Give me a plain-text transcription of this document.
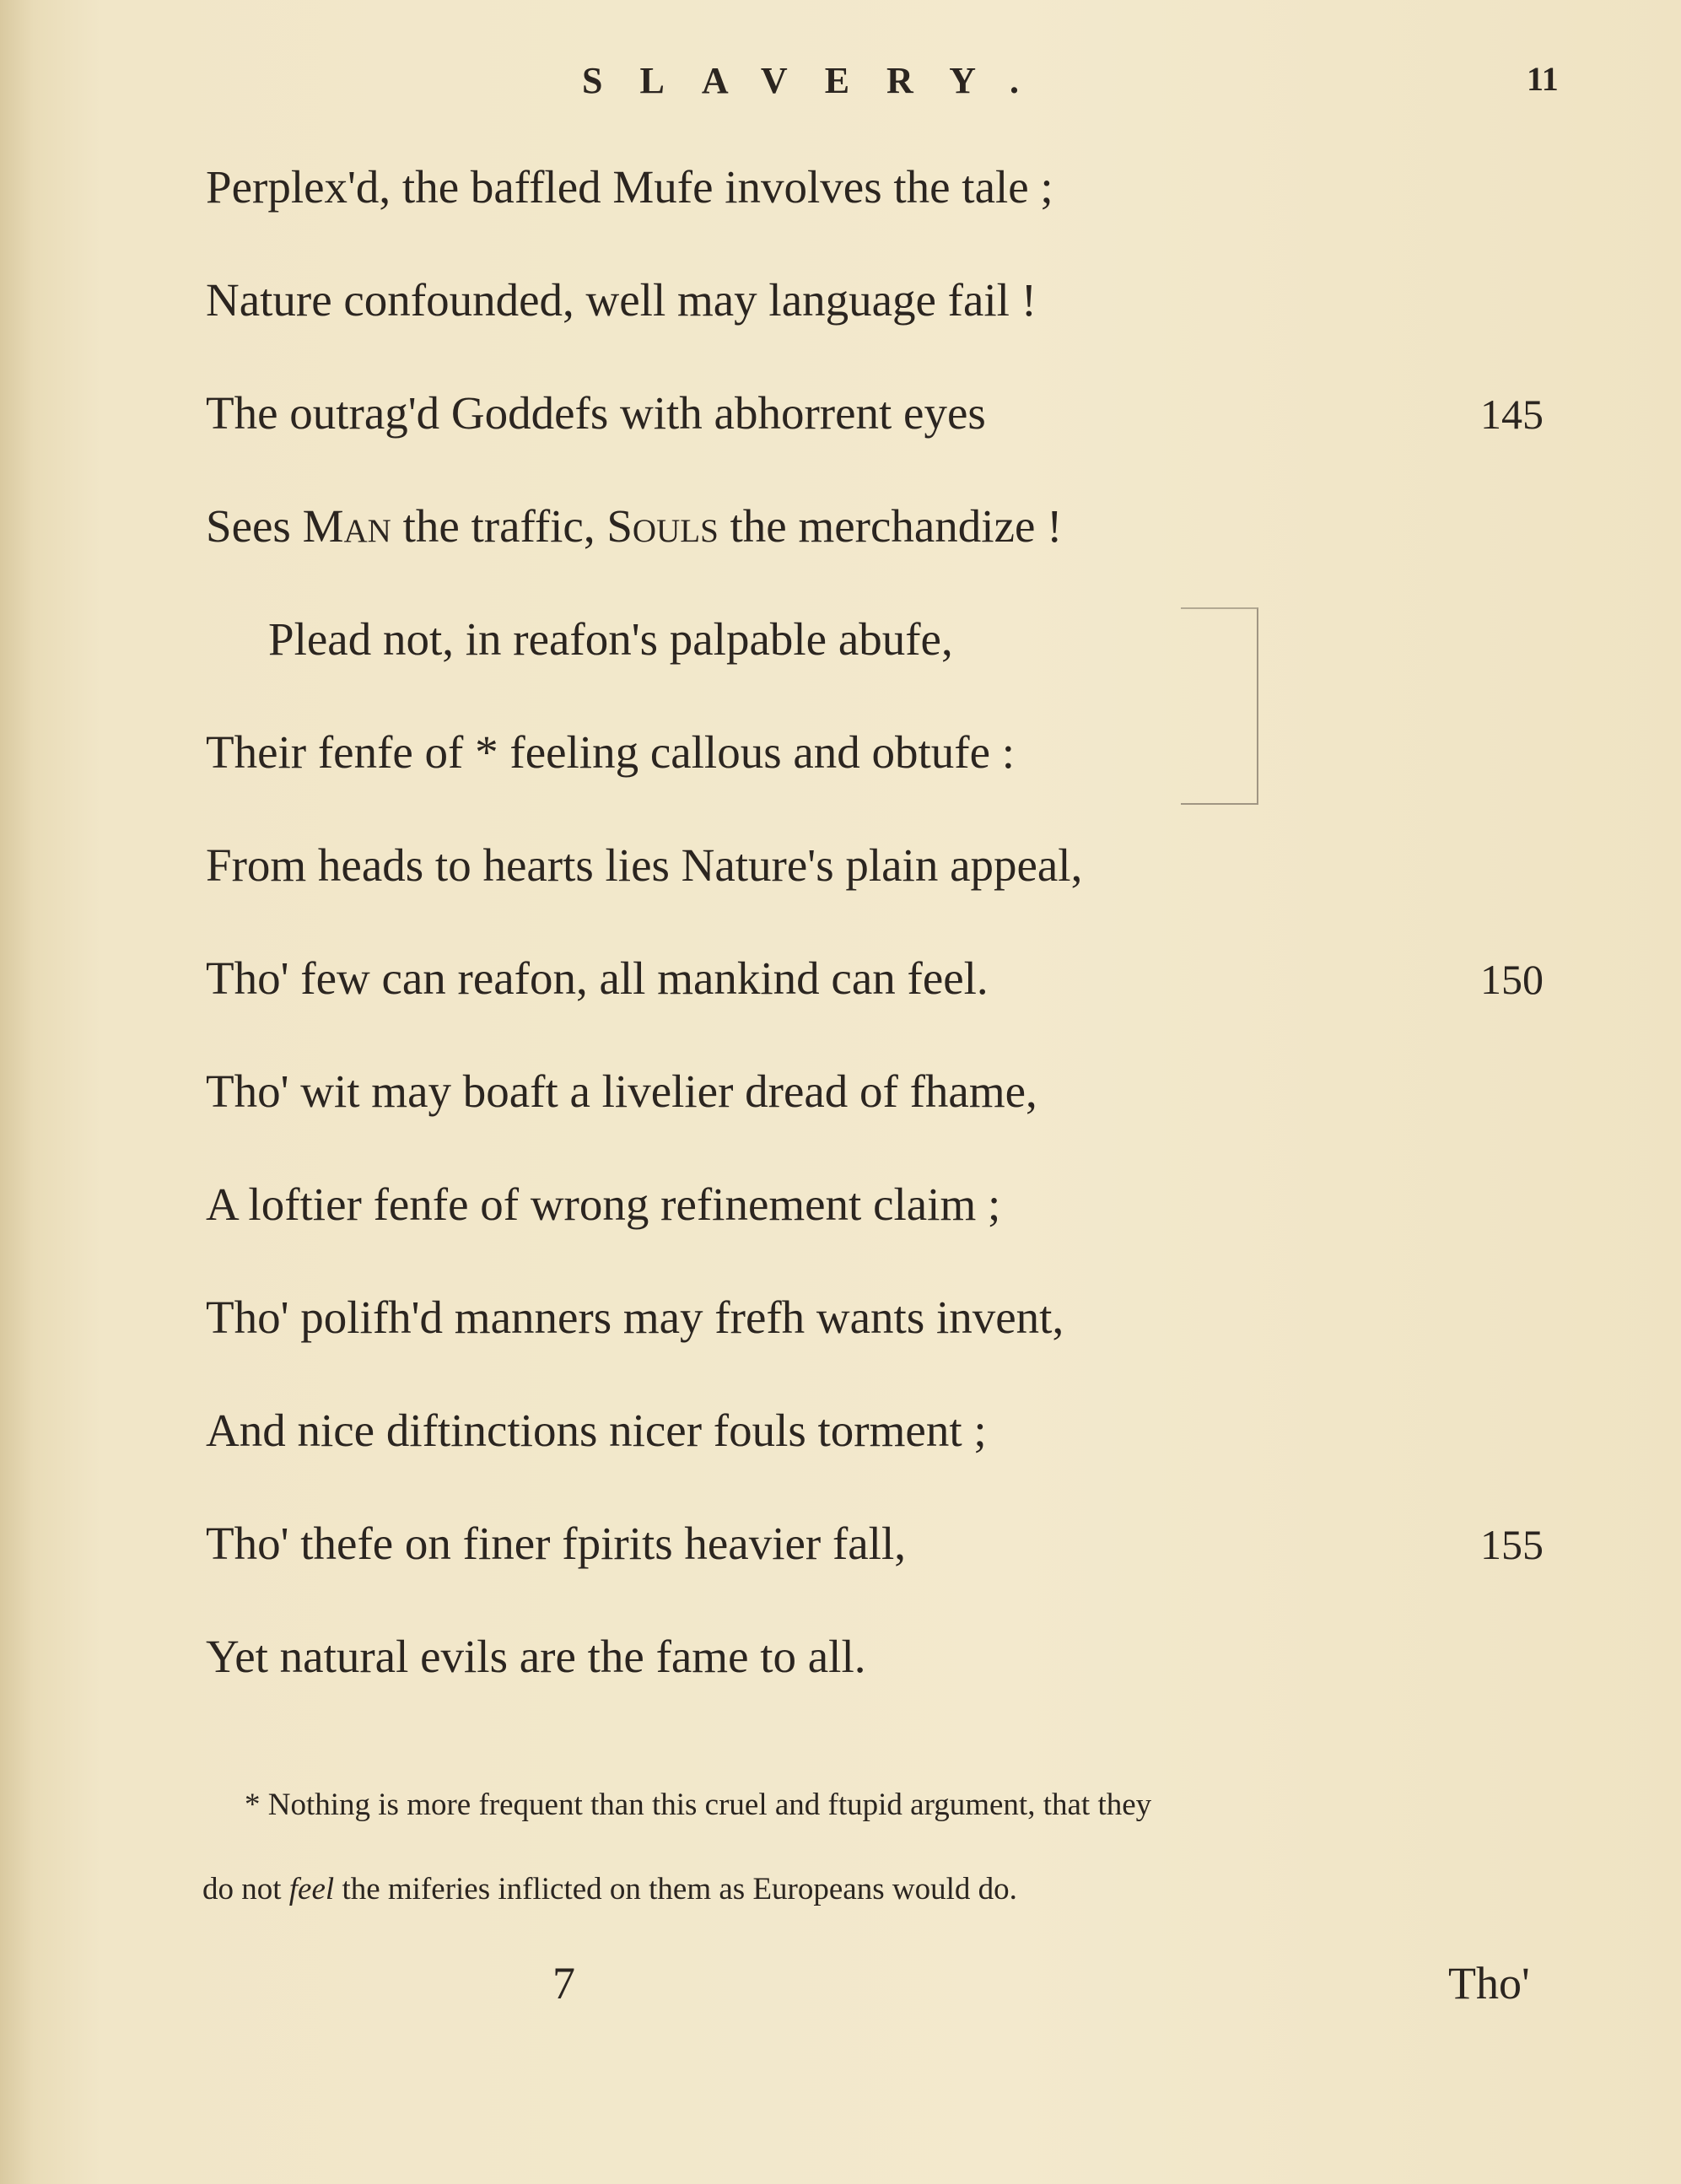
SLAVERY.	11
Perplex'd, the baffled Mufe involves the tale ;
Nature confounded, well may language fail !
The outrag'd Goddefs with abhorrent eyes	145
Sees Man the traffic, Souls the merchandize !
Plead not, in reafon's palpable abufe,
Their fenfe of * feeling callous and obtufe :
From heads to hearts lies Nature's plain appeal,
Tho' few can reafon, all mankind can feel.	150
Tho' wit may boaft a livelier dread of fhame,
A loftier fenfe of wrong refinement claim ;
Tho' polifh'd manners may frefh wants invent,
And nice diftinctions nicer fouls torment ;
Tho' thefe on finer fpirits heavier fall,	155
Yet natural evils are the fame to all.
* Nothing is more frequent than this cruel and ftupid argument, that they
do not feel the miferies inflicted on them as Europeans would do.
7	Tho'
